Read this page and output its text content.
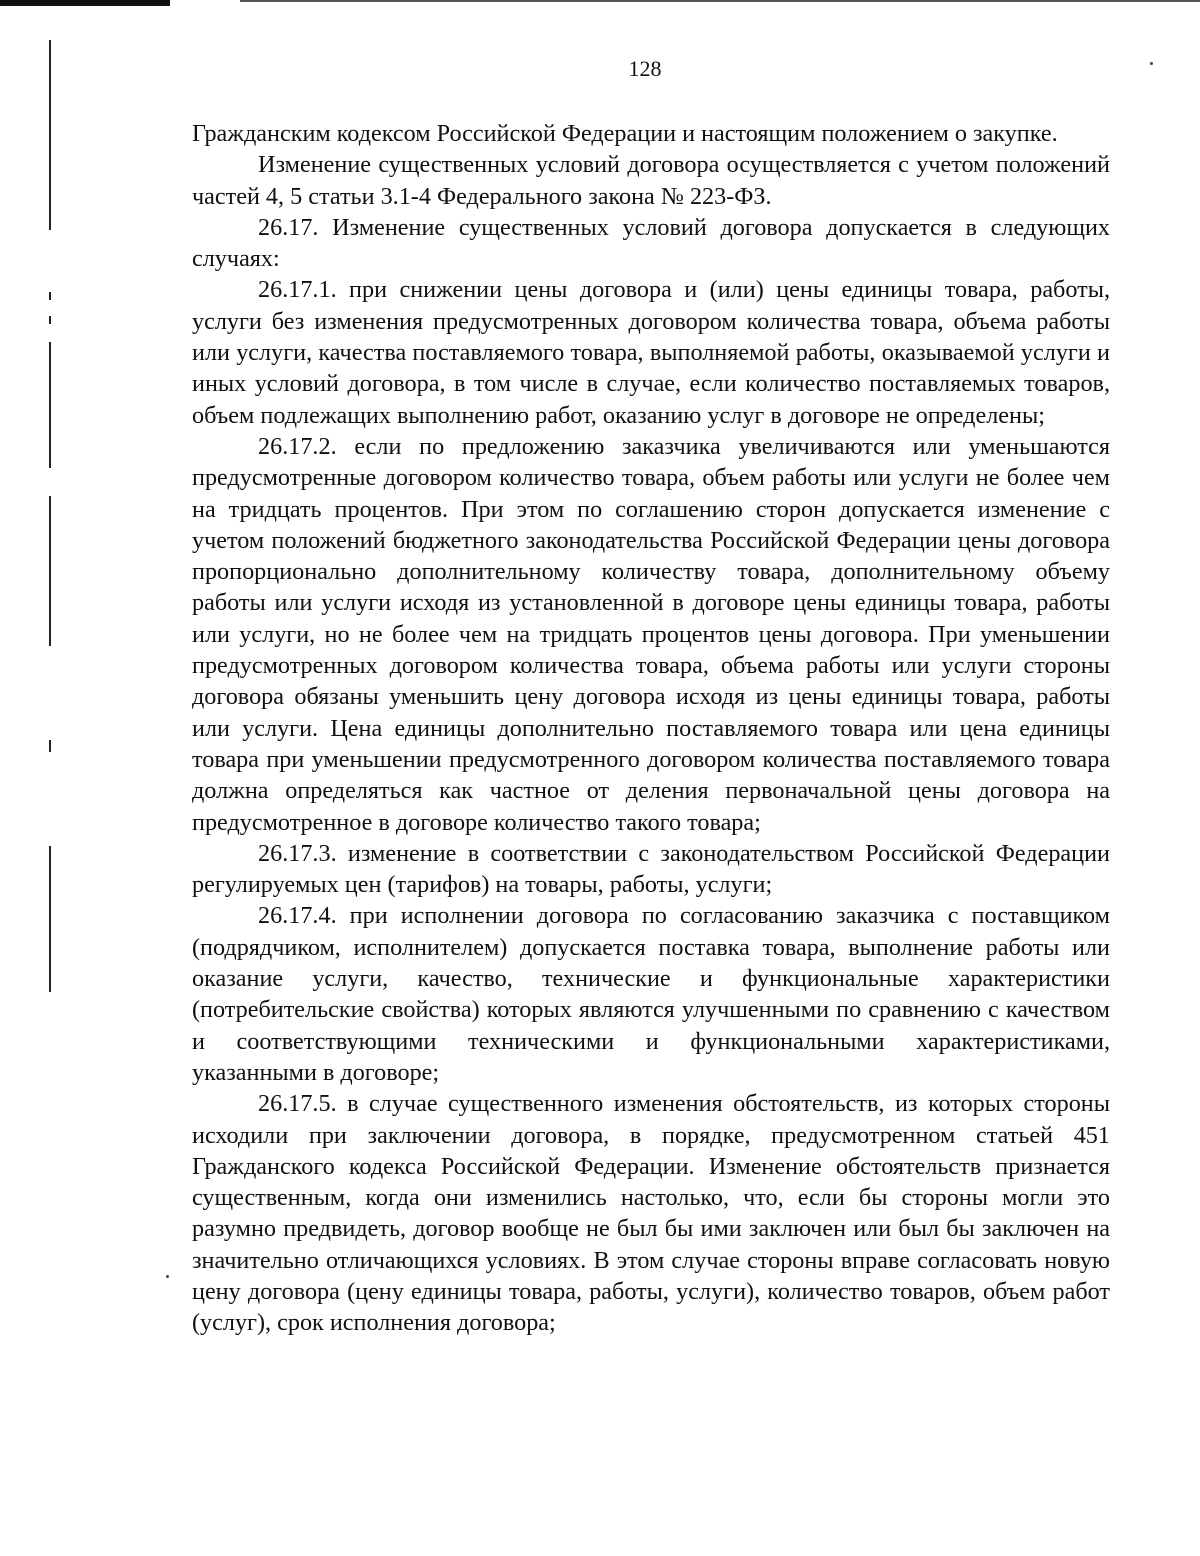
128

Гражданским кодексом Российской Федерации и настоящим положением о закупке.

Изменение существенных условий договора осуществляется с учетом положений частей 4, 5 статьи 3.1-4 Федерального закона № 223-ФЗ.

26.17. Изменение существенных условий договора допускается в следующих случаях:

26.17.1. при снижении цены договора и (или) цены единицы товара, работы, услуги без изменения предусмотренных договором количества товара, объема работы или услуги, качества поставляемого товара, выполняемой работы, оказываемой услуги и иных условий договора, в том числе в случае, если количество поставляемых товаров, объем подлежащих выполнению работ, оказанию услуг в договоре не определены;

26.17.2. если по предложению заказчика увеличиваются или уменьшаются предусмотренные договором количество товара, объем работы или услуги не более чем на тридцать процентов. При этом по соглашению сторон допускается изменение с учетом положений бюджетного законодательства Российской Федерации цены договора пропорционально дополнительному количеству товара, дополнительному объему работы или услуги исходя из установленной в договоре цены единицы товара, работы или услуги, но не более чем на тридцать процентов цены договора. При уменьшении предусмотренных договором количества товара, объема работы или услуги стороны договора обязаны уменьшить цену договора исходя из цены единицы товара, работы или услуги. Цена единицы дополнительно поставляемого товара или цена единицы товара при уменьшении предусмотренного договором количества поставляемого товара должна определяться как частное от деления первоначальной цены договора на предусмотренное в договоре количество такого товара;

26.17.3. изменение в соответствии с законодательством Российской Федерации регулируемых цен (тарифов) на товары, работы, услуги;

26.17.4. при исполнении договора по согласованию заказчика с поставщиком (подрядчиком, исполнителем) допускается поставка товара, выполнение работы или оказание услуги, качество, технические и функциональные характеристики (потребительские свойства) которых являются улучшенными по сравнению с качеством и соответствующими техническими и функциональными характеристиками, указанными в договоре;

26.17.5. в случае существенного изменения обстоятельств, из которых стороны исходили при заключении договора, в порядке, предусмотренном статьей 451 Гражданского кодекса Российской Федерации. Изменение обстоятельств признается существенным, когда они изменились настолько, что, если бы стороны могли это разумно предвидеть, договор вообще не был бы ими заключен или был бы заключен на значительно отличающихся условиях. В этом случае стороны вправе согласовать новую цену договора (цену единицы товара, работы, услуги), количество товаров, объем работ (услуг), срок исполнения договора;
